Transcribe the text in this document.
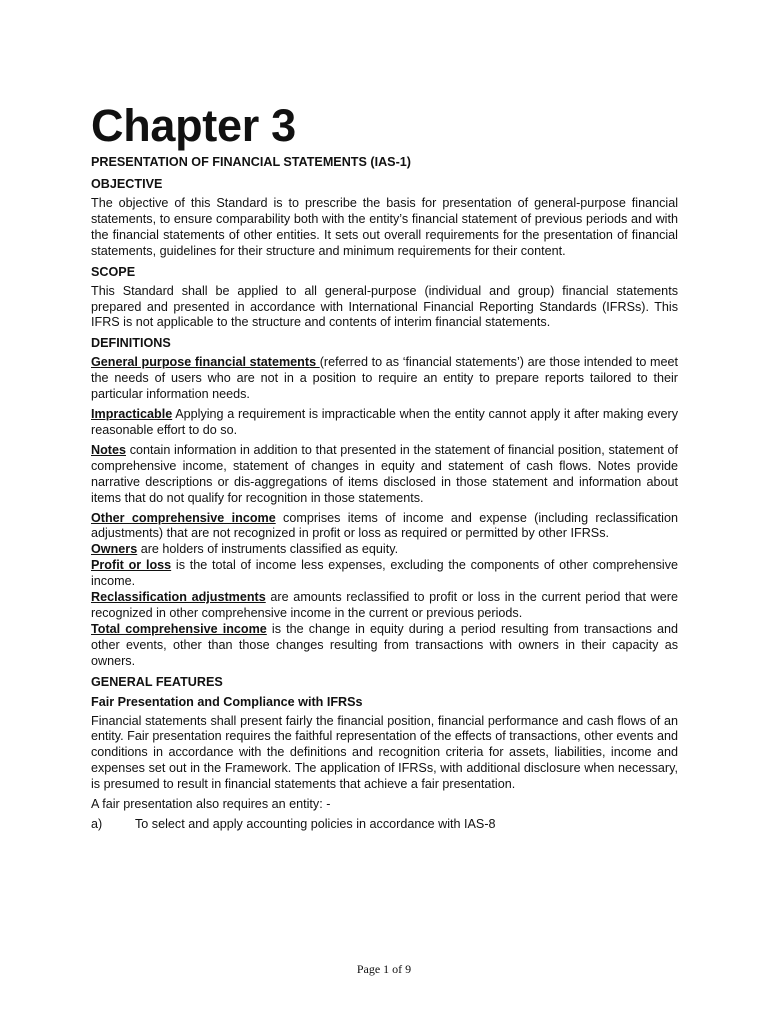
Chapter 3
PRESENTATION OF FINANCIAL STATEMENTS (IAS-1)
OBJECTIVE

The objective of this Standard is to prescribe the basis for presentation of general-purpose financial statements, to ensure comparability both with the entity’s financial statement of previous periods and with the financial statements of other entities. It sets out overall requirements for the presentation of financial statements, guidelines for their structure and minimum requirements for their content.

SCOPE

This Standard shall be applied to all general-purpose (individual and group) financial statements prepared and presented in accordance with International Financial Reporting Standards (IFRSs). This IFRS is not applicable to the structure and contents of interim financial statements.

DEFINITIONS

General purpose financial statements (referred to as ‘financial statements’) are those intended to meet the needs of users who are not in a position to require an entity to prepare reports tailored to their particular information needs.

Impracticable Applying a requirement is impracticable when the entity cannot apply it after making every reasonable effort to do so.

Notes contain information in addition to that presented in the statement of financial position, statement of comprehensive income, statement of changes in equity and statement of cash flows. Notes provide narrative descriptions or dis-aggregations of items disclosed in those statement and information about items that do not qualify for recognition in those statements.

Other comprehensive income comprises items of income and expense (including reclassification adjustments) that are not recognized in profit or loss as required or permitted by other IFRSs.

Owners are holders of instruments classified as equity.

Profit or loss is the total of income less expenses, excluding the components of other comprehensive income.

Reclassification adjustments are amounts reclassified to profit or loss in the current period that were recognized in other comprehensive income in the current or previous periods.

Total comprehensive income is the change in equity during a period resulting from transactions and other events, other than those changes resulting from transactions with owners in their capacity as owners.

GENERAL FEATURES
Fair Presentation and Compliance with IFRSs

Financial statements shall present fairly the financial position, financial performance and cash flows of an entity. Fair presentation requires the faithful representation of the effects of transactions, other events and conditions in accordance with the definitions and recognition criteria for assets, liabilities, income and expenses set out in the Framework. The application of IFRSs, with additional disclosure when necessary, is presumed to result in financial statements that achieve a fair presentation.

A fair presentation also requires an entity: -

a)	To select and apply accounting policies in accordance with IAS-8
Page 1 of 9
